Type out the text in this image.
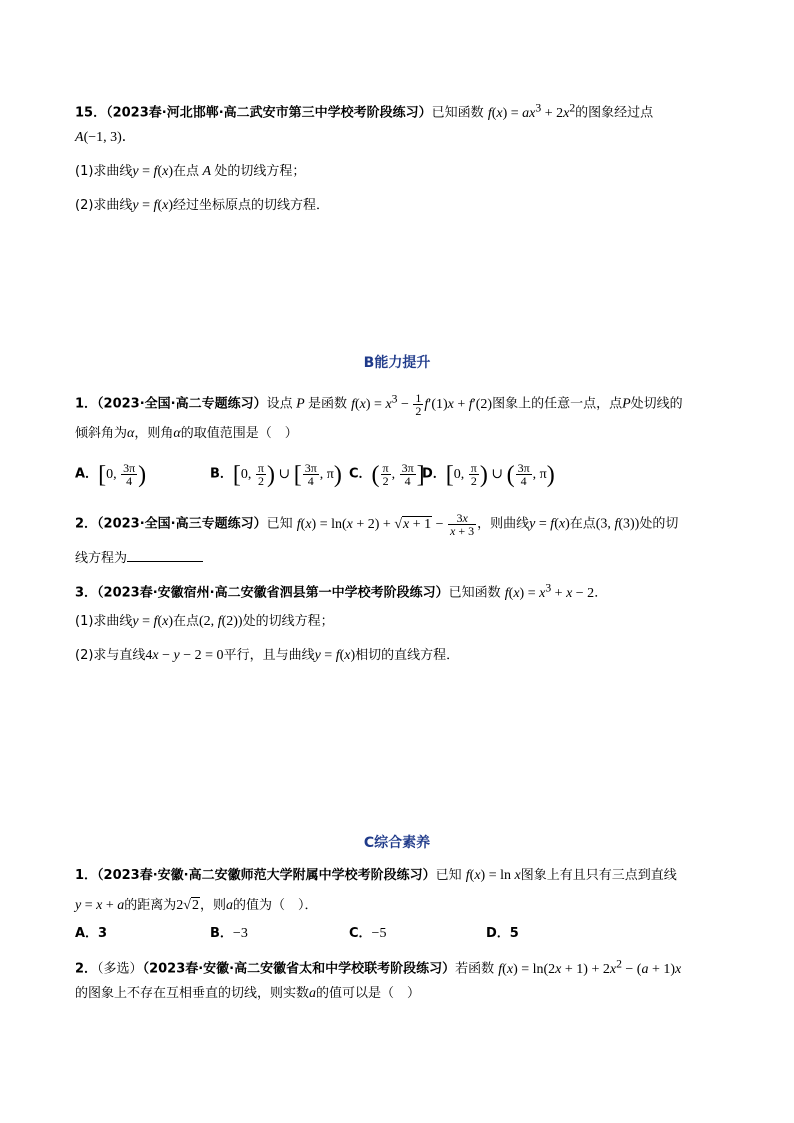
15．（2023春·河北邯郸·高二武安市第三中学校考阶段练习）已知函数 $f(x) = ax^3 + 2x^2$的图象经过点
A(−1, 3)．
(1)求曲线y = f(x)在点 A 处的切线方程；
(2)求曲线y = f(x)经过坐标原点的切线方程．
B能力提升
1．（2023·全国·高二专题练习）设点 P 是函数 $f(x) = x^3 - \frac{1}{2} f'(1)x + f'(2)$图象上的任意一点，点P处切线的
倾斜角为α，则角α的取值范围是（　）
A．[0, $\frac{3\pi}{4}$ )	B．[0, $\frac{\pi}{2}$ ) ∪ [ $\frac{3\pi}{4}$ , π) C．( $\frac{\pi}{2}$ , $\frac{3\pi}{4}$ ]
D．[0, $\frac{\pi}{2}$ ) ∪ ( $\frac{3\pi}{4}$ , π)
2．（2023·全国·高三专题练习）已知 $f(x) = \ln(x + 2) + √x + 1 - \frac{3x}{x + 3}$ ，则曲线y = f(x)在点(3, f(3))处的切
线方程为
3．（2023春·安徽宿州·高二安徽省泗县第一中学校考阶段练习）已知函数 $f(x) = x^3 + x - 2$．
(1)求曲线y = f(x)在点(2, f(2))处的切线方程；
(2)求与直线4x − y − 2 = 0平行，且与曲线y = f(x)相切的直线方程．
C综合素养
1．（2023春·安徽·高二安徽师范大学附属中学校考阶段练习）已知 f(x) = ln x图象上有且只有三点到直线
y = x + a的距离为2√2，则a的值为（　）．
A．3	B．−3	C．−5	D．5
2．（多选）（2023春·安徽·高二安徽省太和中学校联考阶段练习）若函数 $f(x) = \ln(2x + 1) + 2x^2 - (a + 1)x$
的图象上不存在互相垂直的切线，则实数a的值可以是（　）
